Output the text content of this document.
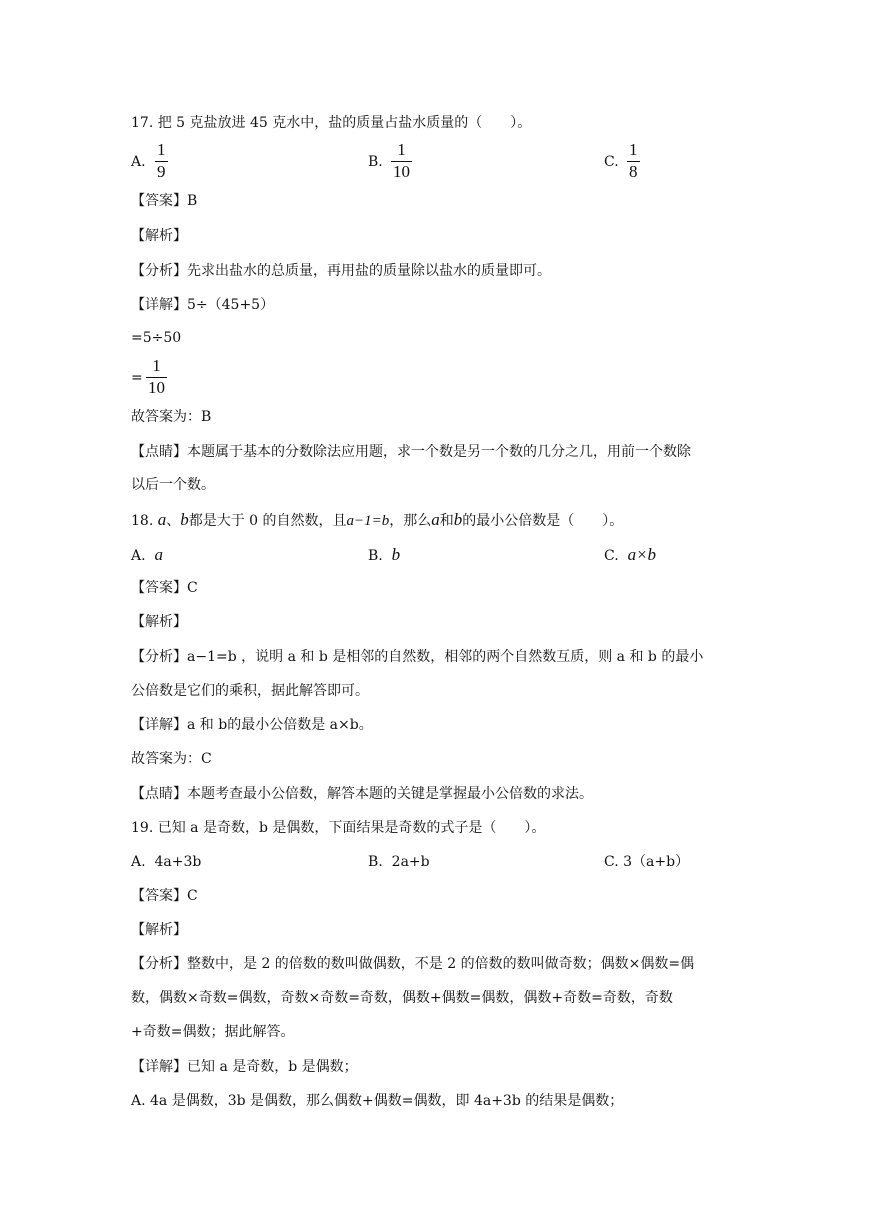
17. 把 5 克盐放进 45 克水中，盐的质量占盐水质量的（　　）。
A.
1
9	B.
1
10	C.
1
8
【答案】B
【解析】
【分析】先求出盐水的总质量，再用盐的质量除以盐水的质量即可。
【详解】5÷（45+5）
=5÷50
=
1
10
故答案为：B
【点睛】本题属于基本的分数除法应用题，求一个数是另一个数的几分之几，用前一个数除
以后一个数。
18. a、b都是大于 0 的自然数，且a−1=b，那么a和b的最小公倍数是（　　）。
A. a	B. b	C. a×b
【答案】C
【解析】
【分析】a−1=b ，说明 a 和 b 是相邻的自然数，相邻的两个自然数互质，则 a 和 b 的最小
公倍数是它们的乘积，据此解答即可。
【详解】a 和 b的最小公倍数是 a×b。
故答案为：C
【点睛】本题考查最小公倍数，解答本题的关键是掌握最小公倍数的求法。
19. 已知 a 是奇数，b 是偶数，下面结果是奇数的式子是（　　）。
A. 4a+3b	B. 2a+b	C. 3（a+b）
【答案】C
【解析】
【分析】整数中，是 2 的倍数的数叫做偶数，不是 2 的倍数的数叫做奇数；偶数×偶数=偶
数，偶数×奇数=偶数，奇数×奇数=奇数，偶数+偶数=偶数，偶数+奇数=奇数，奇数
+奇数=偶数；据此解答。
【详解】已知 a 是奇数，b 是偶数；
A. 4a 是偶数，3b 是偶数，那么偶数+偶数=偶数，即 4a+3b 的结果是偶数；
